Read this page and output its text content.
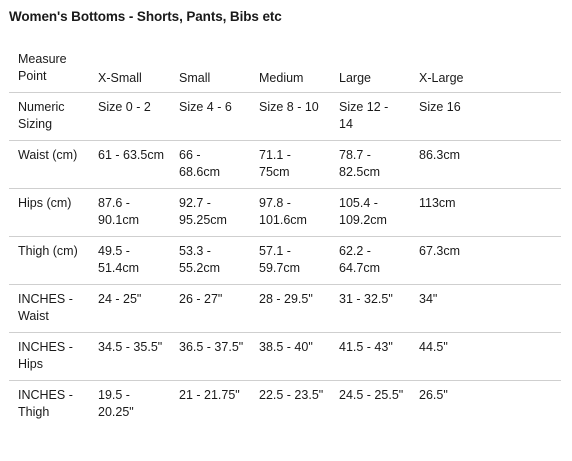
Women's Bottoms - Shorts, Pants, Bibs etc
Measure Point	X-Small	Small	Medium	Large	X-Large
Numeric Sizing	Size 0 - 2	Size 4 - 6	Size 8 - 10	Size 12 - 14	Size 16
Waist (cm)	61 - 63.5cm	66 - 68.6cm	71.1 - 75cm	78.7 - 82.5cm	86.3cm
Hips (cm)	87.6 - 90.1cm	92.7 - 95.25cm	97.8 - 101.6cm	105.4 - 109.2cm	113cm
Thigh (cm)	49.5 - 51.4cm	53.3 - 55.2cm	57.1 - 59.7cm	62.2 - 64.7cm	67.3cm
INCHES - Waist	24 - 25"	26 - 27"	28 - 29.5"	31 - 32.5"	34"
INCHES - Hips	34.5 - 35.5"	36.5 - 37.5"	38.5 - 40"	41.5 - 43"	44.5"
INCHES - Thigh	19.5 - 20.25"	21 - 21.75"	22.5 - 23.5"	24.5 - 25.5"	26.5"
